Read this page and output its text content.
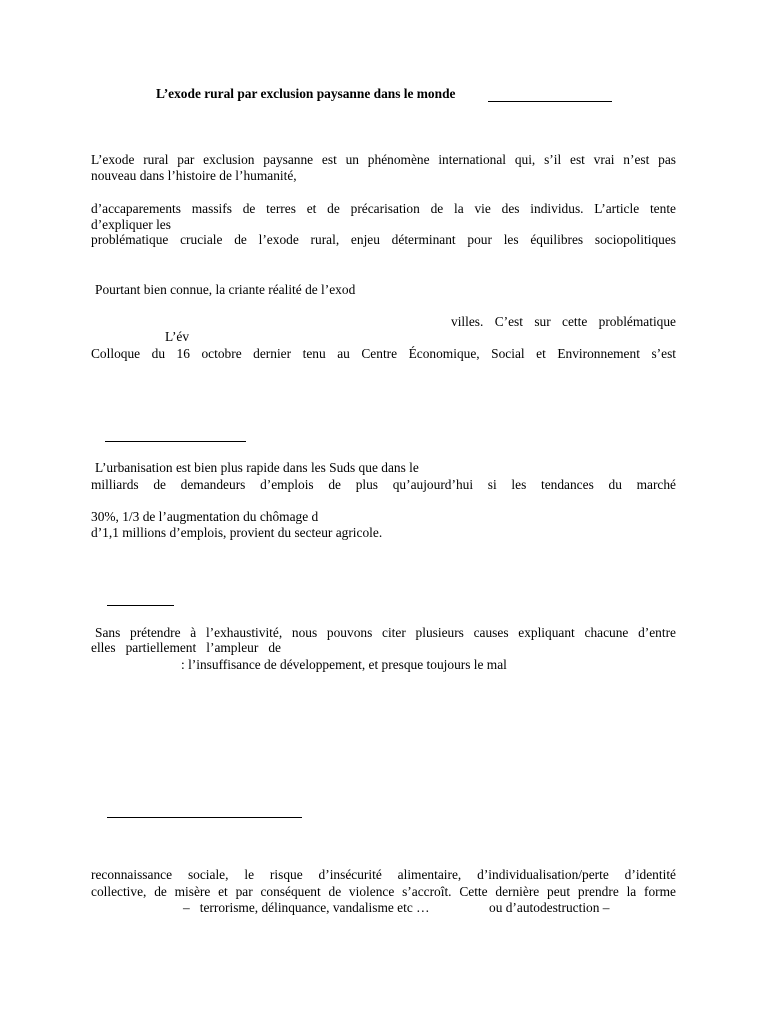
L’exode rural par exclusion paysanne dans le monde
L’exode rural par exclusion paysanne est un phénomène international qui, s’il est vrai n’est pas
nouveau dans l’histoire de l’humanité,
d’accaparements massifs de terres et de précarisation de la vie des individus. L’article tente
d’expliquer les
problématique cruciale de l’exode rural, enjeu déterminant pour les équilibres sociopolitiques
Pourtant bien connue, la criante réalité de l’exod
villes. C’est sur cette problématique
L’év
Colloque du 16 octobre dernier tenu au Centre Économique, Social et Environnement s’est
L’urbanisation est bien plus rapide dans les Suds que dans le
milliards de demandeurs d’emplois de plus qu’aujourd’hui si les tendances du marché
30%, 1/3 de l’augmentation du chômage d
d’1,1 millions d’emplois, provient du secteur agricole.
Sans prétendre à l’exhaustivité, nous pouvons citer plusieurs causes expliquant chacune d’entre
elles   partiellement   l’ampleur   de
: l’insuffisance de développement, et presque toujours le mal
reconnaissance sociale, le risque d’insécurité alimentaire, d’individualisation/perte d’identité
collective, de misère et par conséquent de violence s’accroît. Cette dernière peut prendre la forme
–   terrorisme, délinquance, vandalisme etc …	ou d’autodestruction –
